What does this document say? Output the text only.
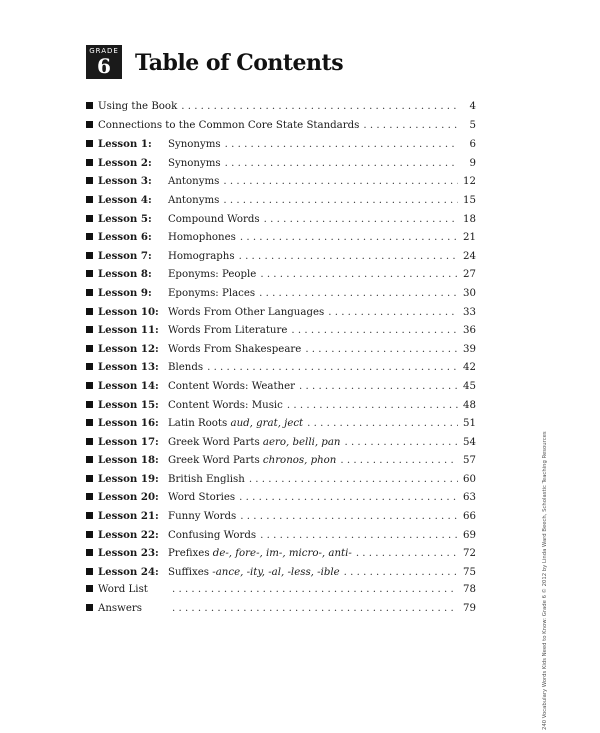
GRADE
6	Table of Contents
Using the Book . . .	4
Connections to the Common Core State Standards . . .	5
Lesson 1: Synonyms . . .	6
Lesson 2: Synonyms . . .	9
Lesson 3: Antonyms . . .	12
Lesson 4: Antonyms . . .	15
Lesson 5: Compound Words . . .	18
Lesson 6: Homophones . . .	21
Lesson 7: Homographs . . .	24
Lesson 8: Eponyms: People . . .	27
Lesson 9: Eponyms: Places . . .	30
Lesson 10: Words From Other Languages . . .	33
Lesson 11: Words From Literature . . .	36
Lesson 12: Words From Shakespeare . . .	39
Lesson 13: Blends . . .	42
Lesson 14: Content Words: Weather . . .	45
Lesson 15: Content Words: Music . . .	48
Lesson 16: Latin Roots aud, grat, ject . . .	51
Lesson 17: Greek Word Parts aero, belli, pan . . .	54
Lesson 18: Greek Word Parts chronos, phon . . .	57
Lesson 19: British English . . .	60
Lesson 20: Word Stories . . .	63
Lesson 21: Funny Words . . .	66
Lesson 22: Confusing Words . . .	69
Lesson 23: Prefixes de-, fore-, im-, micro-, anti- . . .	72
Lesson 24: Suffixes -ance, -ity, -al, -less, -ible . . .	75
Word List . . .	78
Answers . . .	79	240 Vocabulary Words Kids Need to Know: Grade 6 © 2012 by Linda Ward Beech, Scholastic Teaching Resources
